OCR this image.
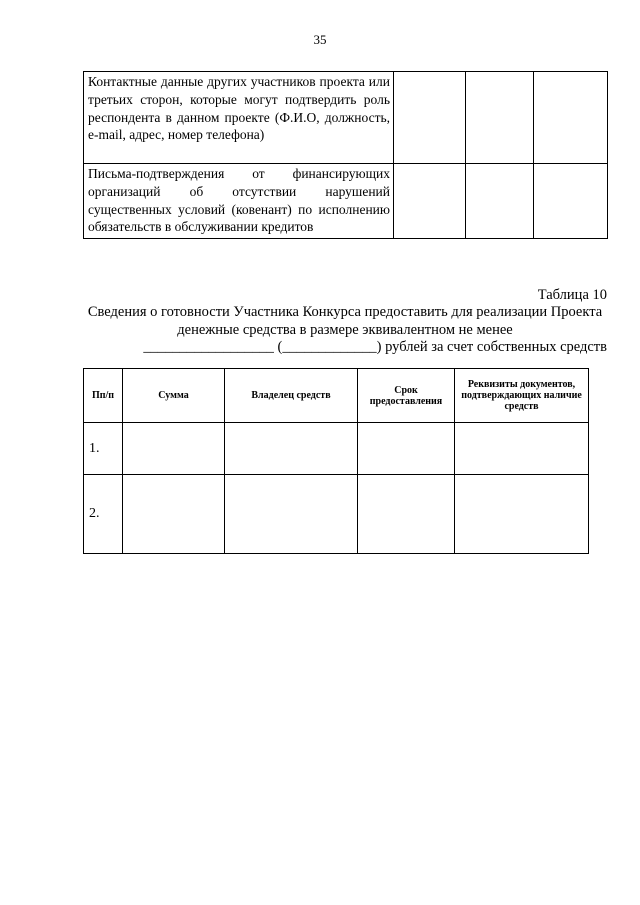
35
Контактные данные других участников проекта или третьих сторон, которые могут подтвердить роль респондента в данном проекте (Ф.И.О, должность, e-mail, адрес, номер телефона)			
Письма-подтверждения от финансирующих организаций об отсутствии нарушений существенных условий (ковенант) по исполнению обязательств в обслуживании кредитов			
Таблица 10
Сведения о готовности Участника Конкурса предоставить для реализации Проекта денежные средства в размере эквивалентном не менее
__________________ (_____________) рублей за счет собственных средств
Пп/п	Сумма	Владелец средств	Срок предоставления	Реквизиты документов, подтверждающих наличие средств
1.				
2.				
